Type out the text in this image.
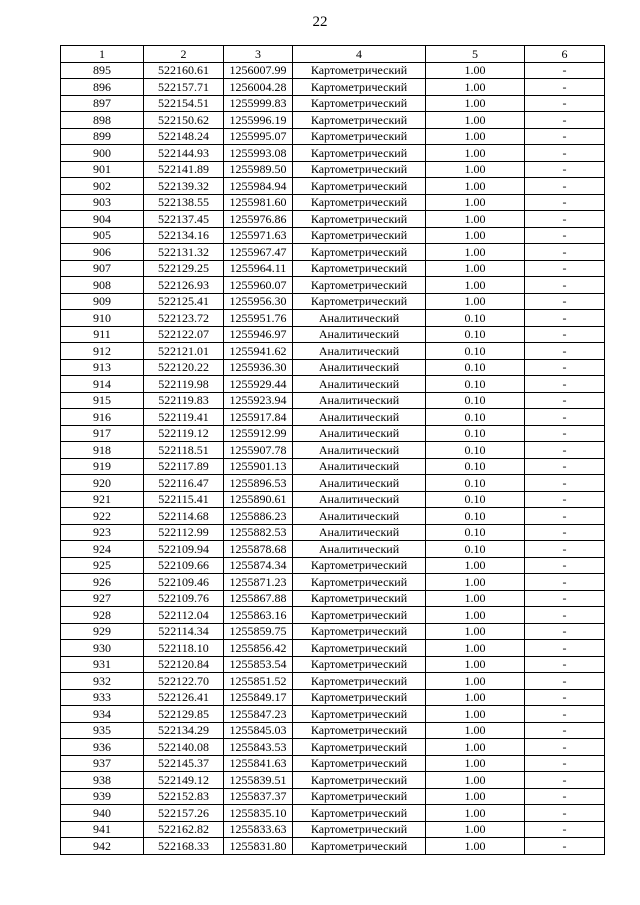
22
1	2	3	4	5	6
895	522160.61	1256007.99	Картометрический	1.00	-
896	522157.71	1256004.28	Картометрический	1.00	-
897	522154.51	1255999.83	Картометрический	1.00	-
898	522150.62	1255996.19	Картометрический	1.00	-
899	522148.24	1255995.07	Картометрический	1.00	-
900	522144.93	1255993.08	Картометрический	1.00	-
901	522141.89	1255989.50	Картометрический	1.00	-
902	522139.32	1255984.94	Картометрический	1.00	-
903	522138.55	1255981.60	Картометрический	1.00	-
904	522137.45	1255976.86	Картометрический	1.00	-
905	522134.16	1255971.63	Картометрический	1.00	-
906	522131.32	1255967.47	Картометрический	1.00	-
907	522129.25	1255964.11	Картометрический	1.00	-
908	522126.93	1255960.07	Картометрический	1.00	-
909	522125.41	1255956.30	Картометрический	1.00	-
910	522123.72	1255951.76	Аналитический	0.10	-
911	522122.07	1255946.97	Аналитический	0.10	-
912	522121.01	1255941.62	Аналитический	0.10	-
913	522120.22	1255936.30	Аналитический	0.10	-
914	522119.98	1255929.44	Аналитический	0.10	-
915	522119.83	1255923.94	Аналитический	0.10	-
916	522119.41	1255917.84	Аналитический	0.10	-
917	522119.12	1255912.99	Аналитический	0.10	-
918	522118.51	1255907.78	Аналитический	0.10	-
919	522117.89	1255901.13	Аналитический	0.10	-
920	522116.47	1255896.53	Аналитический	0.10	-
921	522115.41	1255890.61	Аналитический	0.10	-
922	522114.68	1255886.23	Аналитический	0.10	-
923	522112.99	1255882.53	Аналитический	0.10	-
924	522109.94	1255878.68	Аналитический	0.10	-
925	522109.66	1255874.34	Картометрический	1.00	-
926	522109.46	1255871.23	Картометрический	1.00	-
927	522109.76	1255867.88	Картометрический	1.00	-
928	522112.04	1255863.16	Картометрический	1.00	-
929	522114.34	1255859.75	Картометрический	1.00	-
930	522118.10	1255856.42	Картометрический	1.00	-
931	522120.84	1255853.54	Картометрический	1.00	-
932	522122.70	1255851.52	Картометрический	1.00	-
933	522126.41	1255849.17	Картометрический	1.00	-
934	522129.85	1255847.23	Картометрический	1.00	-
935	522134.29	1255845.03	Картометрический	1.00	-
936	522140.08	1255843.53	Картометрический	1.00	-
937	522145.37	1255841.63	Картометрический	1.00	-
938	522149.12	1255839.51	Картометрический	1.00	-
939	522152.83	1255837.37	Картометрический	1.00	-
940	522157.26	1255835.10	Картометрический	1.00	-
941	522162.82	1255833.63	Картометрический	1.00	-
942	522168.33	1255831.80	Картометрический	1.00	-
